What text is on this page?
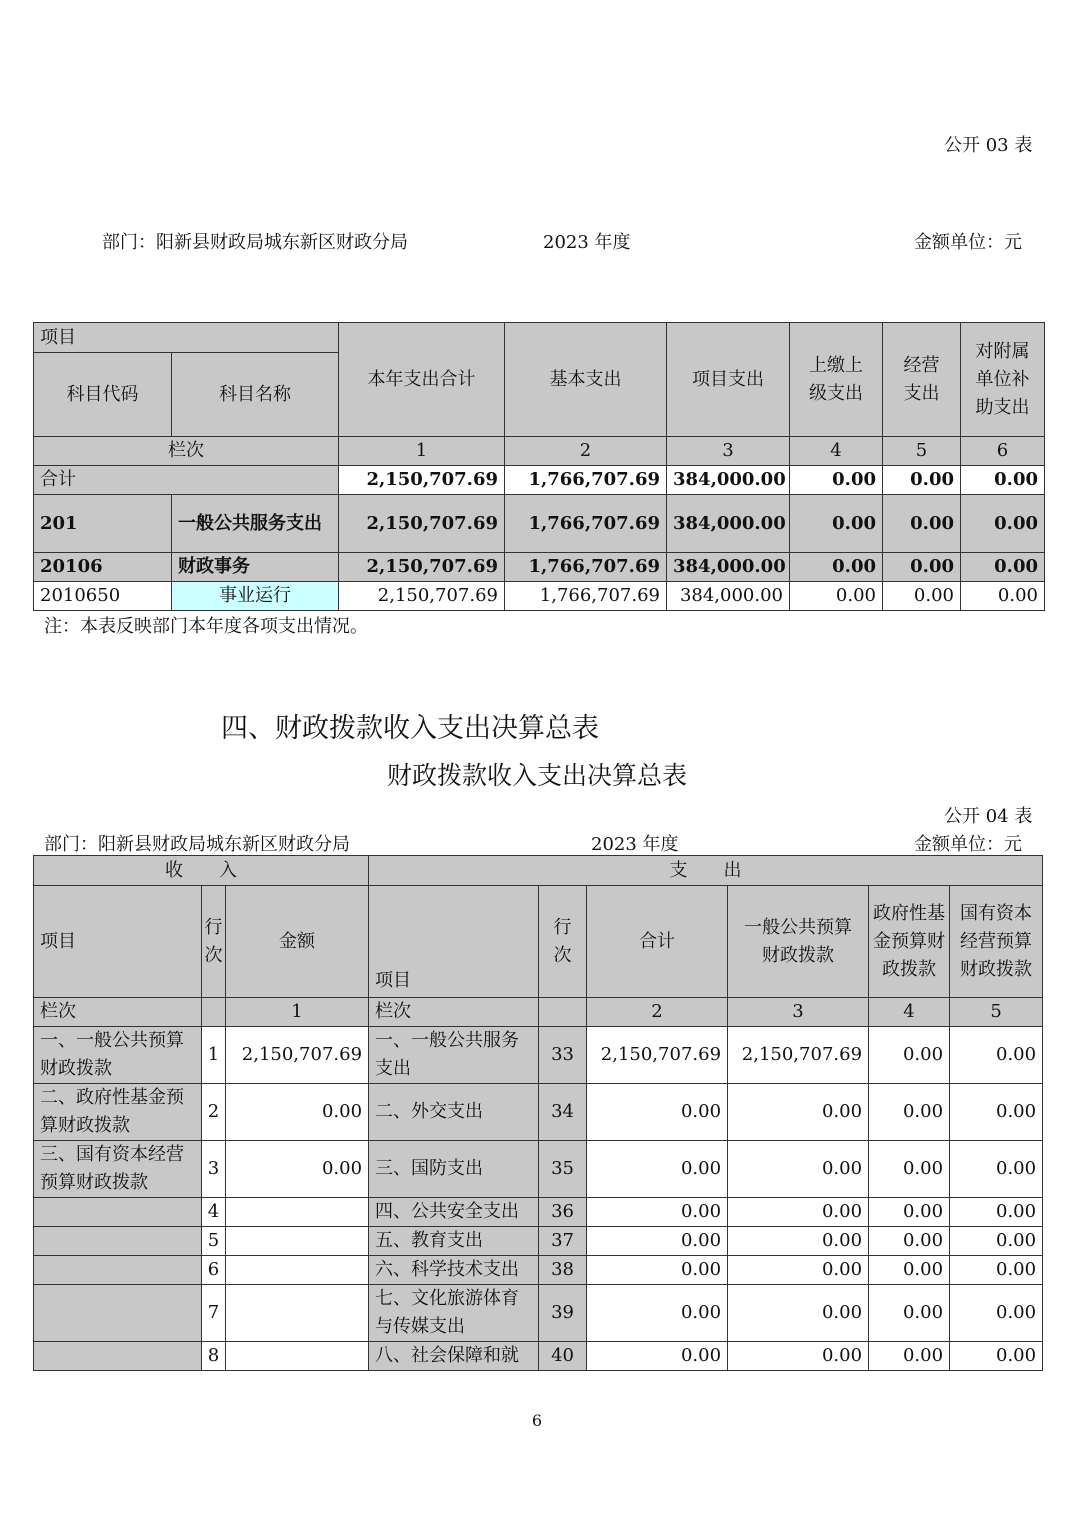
公开 03 表
部门：阳新县财政局城东新区财政分局	2023 年度	金额单位：元
项目		本年支出合计	基本支出	项目支出	上缴上级支出	经营支出	对附属单位补助支出
科目代码	科目名称						
栏次		1	2	3	4	5	6
合计		2,150,707.69	1,766,707.69	384,000.00	0.00	0.00	0.00
201	一般公共服务支出	2,150,707.69	1,766,707.69	384,000.00	0.00	0.00	0.00
20106	财政事务	2,150,707.69	1,766,707.69	384,000.00	0.00	0.00	0.00
2010650	事业运行	2,150,707.69	1,766,707.69	384,000.00	0.00	0.00	0.00
注：本表反映部门本年度各项支出情况。
四、财政拨款收入支出决算总表
财政拨款收入支出决算总表
公开 04 表
部门：阳新县财政局城东新区财政分局	2023 年度	金额单位：元
收　　入			支　　出					
项目	行次	金额	项目	行次	合计	一般公共预算财政拨款	政府性基金预算财政拨款	国有资本经营预算财政拨款
栏次		1	栏次		2	3	4	5
一、一般公共预算财政拨款	1	2,150,707.69	一、一般公共服务支出	33	2,150,707.69	2,150,707.69	0.00	0.00
二、政府性基金预算财政拨款	2	0.00	二、外交支出	34	0.00	0.00	0.00	0.00
三、国有资本经营预算财政拨款	3	0.00	三、国防支出	35	0.00	0.00	0.00	0.00
	4		四、公共安全支出	36	0.00	0.00	0.00	0.00
	5		五、教育支出	37	0.00	0.00	0.00	0.00
	6		六、科学技术支出	38	0.00	0.00	0.00	0.00
	7		七、文化旅游体育与传媒支出	39	0.00	0.00	0.00	0.00
	8		八、社会保障和就	40	0.00	0.00	0.00	0.00
6
